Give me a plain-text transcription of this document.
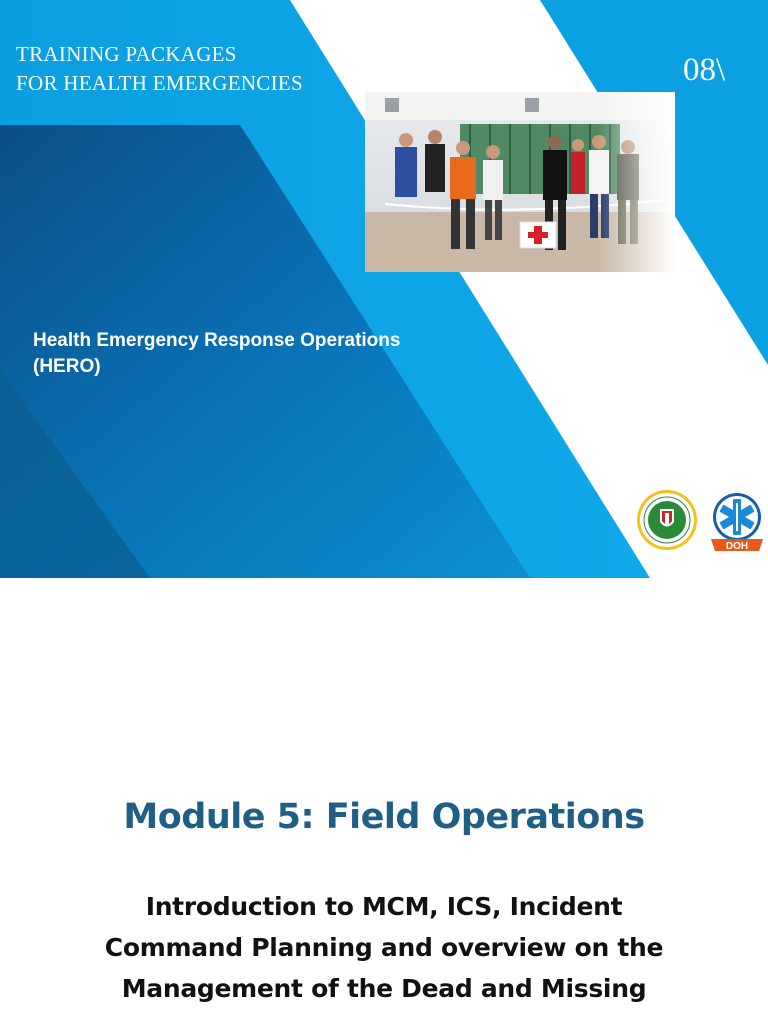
TRAINING PACKAGES
FOR HEALTH EMERGENCIES	08\
Health Emergency Response Operations
(HERO)
DOH
Module 5: Field Operations
Introduction to MCM, ICS, Incident Command Planning and overview on the Management of the Dead and Missing
